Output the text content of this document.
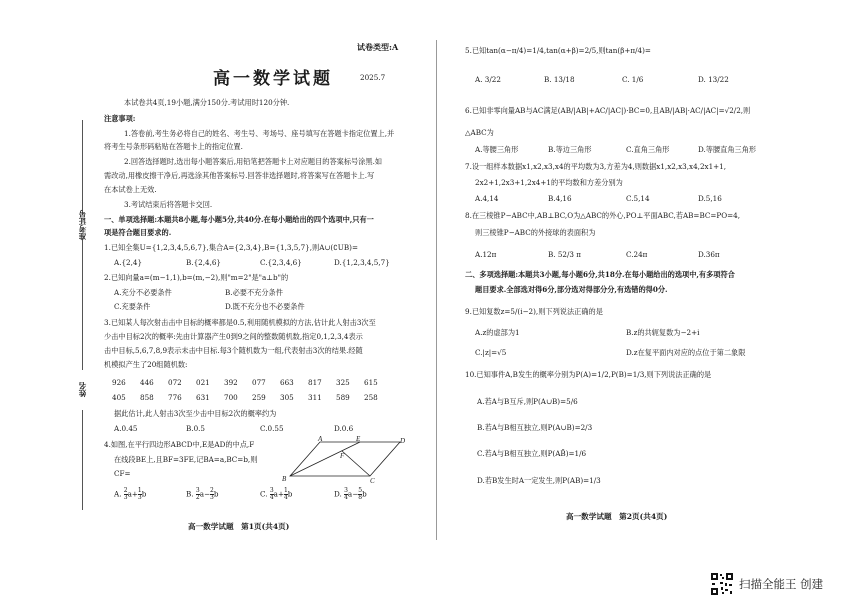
试卷类型:A
高一数学试题	2025.7
准考证号
姓名
本试卷共4页,19小题,满分150分.考试用时120分钟.
注意事项:
1.答卷前,考生务必将自己的姓名、考生号、考场号、座号填写在答题卡指定位置上,并
将考生号条形码粘贴在答题卡上的指定位置.
2.回答选择题时,选出每小题答案后,用铅笔把答题卡上对应题目的答案标号涂黑.如
需改动,用橡皮擦干净后,再选涂其他答案标号.回答非选择题时,将答案写在答题卡上.写
在本试卷上无效.
3.考试结束后将答题卡交回.
一、单项选择题:本题共8小题,每小题5分,共40分.在每小题给出的四个选项中,只有一
项是符合题目要求的.
1.已知全集U={1,2,3,4,5,6,7},集合A={2,3,4},B={1,3,5,7},则A∪(∁UB)=
A.{2,4}	B.{2,4,6}	C.{2,3,4,6}	D.{1,2,3,4,5,7}
2.已知向量a=(m−1,1),b=(m,−2),则"m=2"是"a⊥b"的
A.充分不必要条件	B.必要不充分条件
C.充要条件	D.既不充分也不必要条件
3.已知某人每次射击击中目标的概率都是0.5,利用随机模拟的方法,估计此人射击3次至
少击中目标2次的概率:先由计算器产生0到9之间的整数随机数,指定0,1,2,3,4表示
击中目标,5,6,7,8,9表示未击中目标.每3个随机数为一组,代表射击3次的结果.经随
机模拟产生了20组随机数:
926 446 072 021 392 077 663 817 325 615
405 858 776 631 700 259 305 311 589 258
据此估计,此人射击3次至少击中目标2次的概率约为
A.0.45	B.0.5	C.0.55	D.0.6
4.如图,在平行四边形ABCD中,E是AD的中点,F
在线段BE上,且BF=3FE,记BA=a,BC=b,则
CF=
A	E	D
F
B	C
A. $\frac{2}{3} a+ \frac{1}{3}$ b	B. $\frac{3}{2} a- \frac{2}{3}$ b	C. $\frac{3}{4} a+ \frac{1}{4}$ b	D. $\frac{3}{4} a- \frac{5}{8}$ b
高一数学试题　第1页(共4页)
5.已知tan(α−π/4)=1/4,tan(α+β)=2/5,则tan(β+π/4)=
A. 3/22	B. 13/18	C. 1/6	D. 13/22
6.已知非零向量AB与AC满足(AB/|AB|+AC/|AC|)·BC=0,且AB/|AB|·AC/|AC|=√2/2,则
△ABC为
A.等腰三角形	B.等边三角形	C.直角三角形	D.等腰直角三角形
7.设一组样本数据x1,x2,x3,x4的平均数为3,方差为4,则数据x1,x2,x3,x4,2x1+1,
2x2+1,2x3+1,2x4+1的平均数和方差分别为
A.4,14	B.4,16	C.5,14	D.5,16
8.在三棱锥P−ABC中,AB⊥BC,O为△ABC的外心,PO⊥平面ABC,若AB=BC=PO=4,
则三棱锥P−ABC的外接球的表面积为
A.12π	B. 52/3 π	C.24π	D.36π
二、多项选择题:本题共3小题,每小题6分,共18分.在每小题给出的选项中,有多项符合
题目要求.全部选对得6分,部分选对得部分分,有选错的得0分.
9.已知复数z=5/(i−2),则下列说法正确的是
A.z的虚部为1	B.z的共轭复数为−2+i
C.|z|=√5	D.z在复平面内对应的点位于第二象限
10.已知事件A,B发生的概率分别为P(A)=1/2,P(B)=1/3,则下列说法正确的是
A.若A与B互斥,则P(A∪B)=5/6
B.若A与B相互独立,则P(A∪B)=2/3
C.若A与B相互独立,则P(AB̄)=1/6
D.若B发生时A一定发生,则P(AB)=1/3
高一数学试题　第2页(共4页)
扫描全能王 创建
